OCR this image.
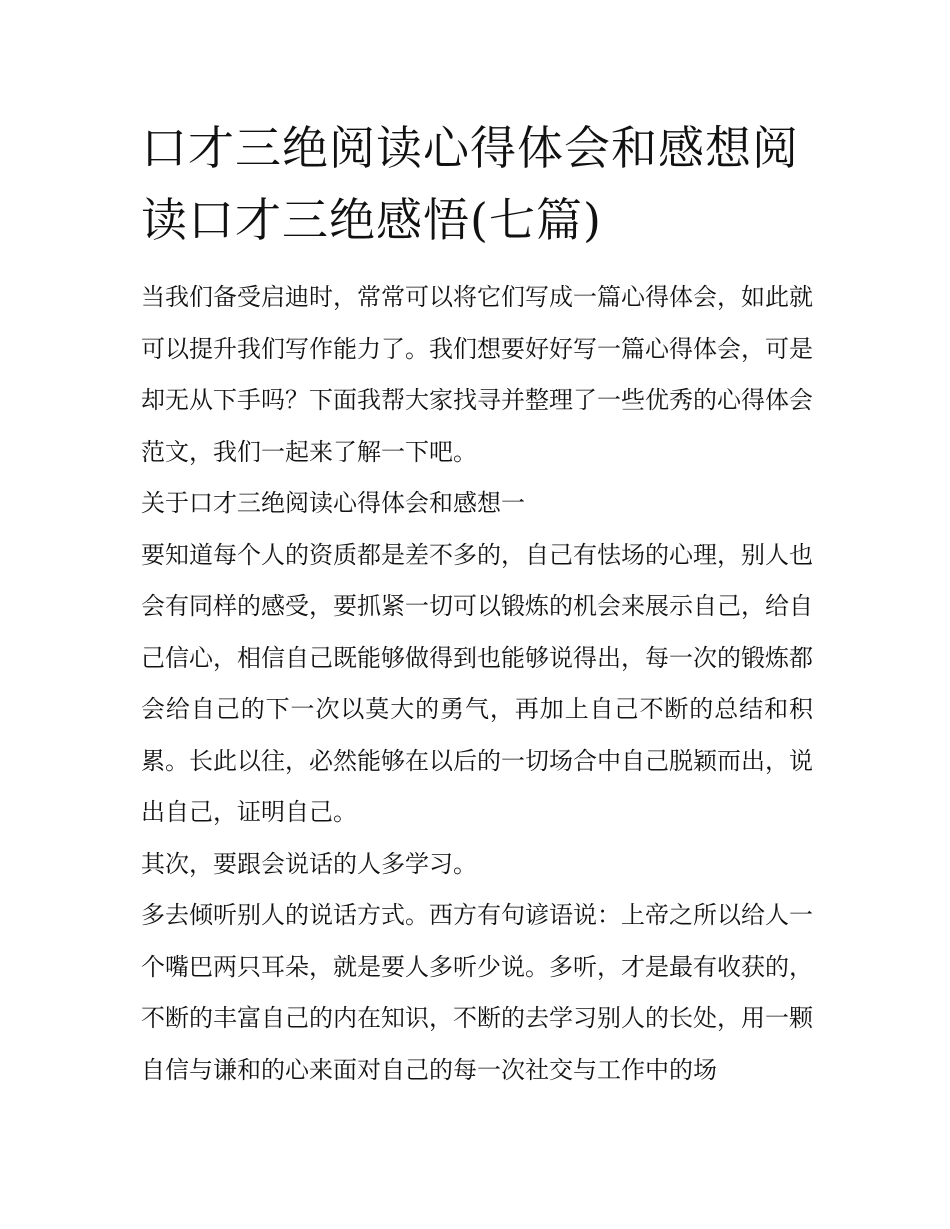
口才三绝阅读心得体会和感想阅读口才三绝感悟(七篇)

当我们备受启迪时，常常可以将它们写成一篇心得体会，如此就可以提升我们写作能力了。我们想要好好写一篇心得体会，可是却无从下手吗？下面我帮大家找寻并整理了一些优秀的心得体会范文，我们一起来了解一下吧。

关于口才三绝阅读心得体会和感想一

要知道每个人的资质都是差不多的，自己有怯场的心理，别人也会有同样的感受，要抓紧一切可以锻炼的机会来展示自己，给自己信心，相信自己既能够做得到也能够说得出，每一次的锻炼都会给自己的下一次以莫大的勇气，再加上自己不断的总结和积累。长此以往，必然能够在以后的一切场合中自己脱颖而出，说出自己，证明自己。

其次，要跟会说话的人多学习。

多去倾听别人的说话方式。西方有句谚语说：上帝之所以给人一个嘴巴两只耳朵，就是要人多听少说。多听，才是最有收获的，不断的丰富自己的内在知识，不断的去学习别人的长处，用一颗自信与谦和的心来面对自己的每一次社交与工作中的场
